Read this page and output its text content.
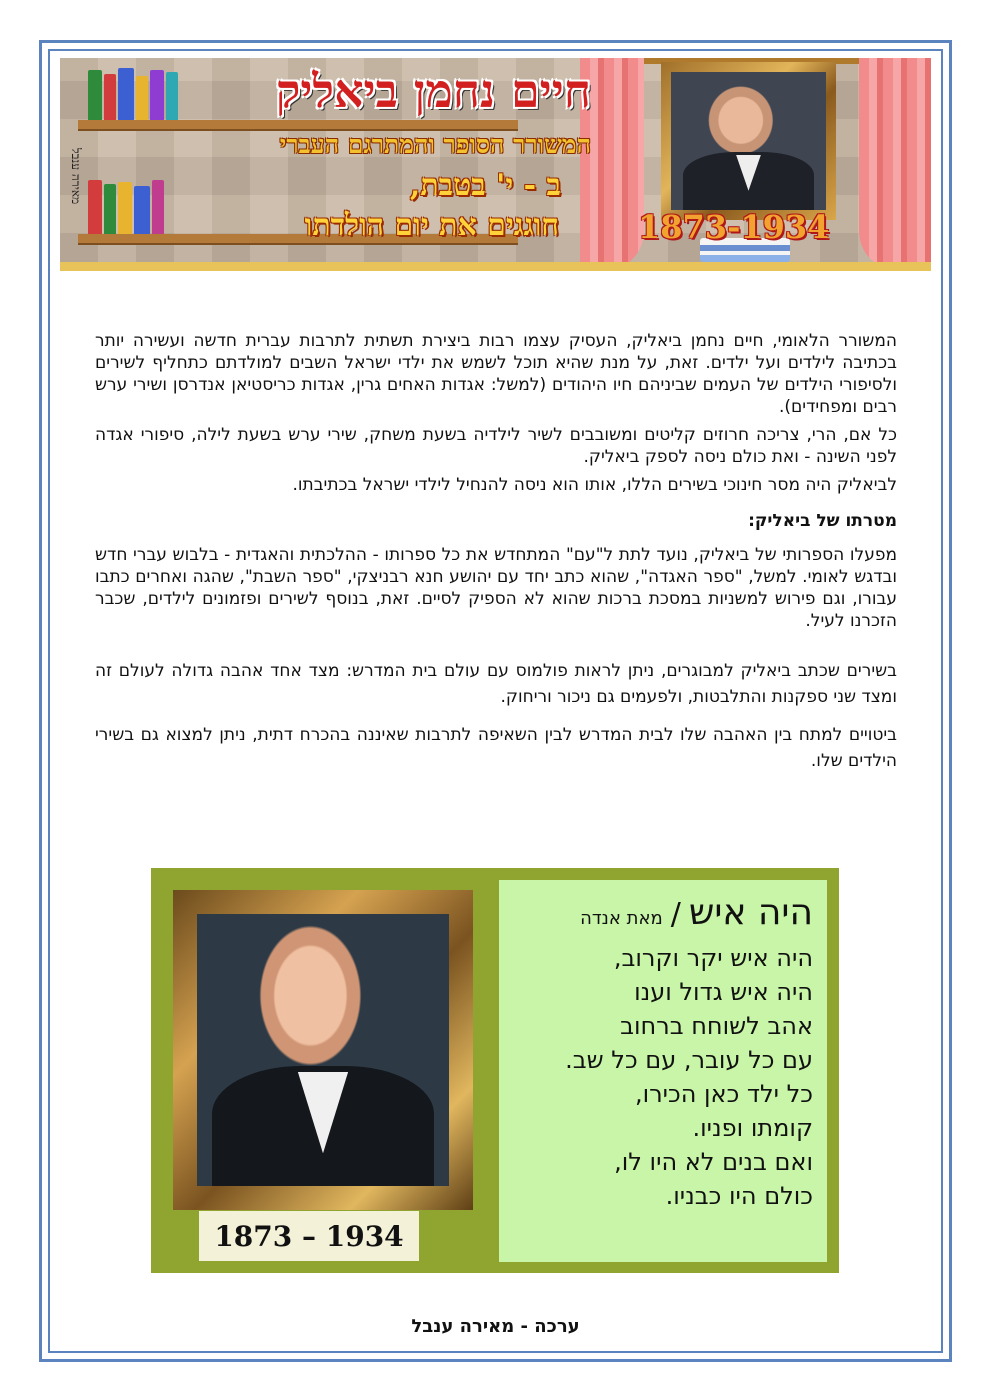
חיים נחמן ביאליק
המשורר הסופר והמתרגם העברי
ב - י' בטבת,
חוגגים את יום הולדתו 1873-1934
מאירה ענבל

המשורר הלאומי, חיים נחמן ביאליק, העסיק עצמו רבות ביצירת תשתית לתרבות עברית חדשה ועשירה יותר בכתיבה לילדים ועל ילדים. זאת, על מנת שהיא תוכל לשמש את ילדי ישראל השבים למולדתם כתחליף לשירים ולסיפורי הילדים של העמים שביניהם חיו היהודים (למשל: אגדות האחים גרין, אגדות כריסטיאן אנדרסן ושירי ערש רבים ומפחידים).

כל אם, הרי, צריכה חרוזים קליטים ומשובבים לשיר לילדיה בשעת משחק, שירי ערש בשעת לילה, סיפורי אגדה לפני השינה - ואת כולם ניסה לספק ביאליק.

לביאליק היה מסר חינוכי בשירים הללו, אותו הוא ניסה להנחיל לילדי ישראל בכתיבתו.

מטרתו של ביאליק:

מפעלו הספרותי של ביאליק, נועד לתת ל"עם" המתחדש את כל ספרותו - ההלכתית והאגדית - בלבוש עברי חדש ובדגש לאומי. למשל, "ספר האגדה", שהוא כתב יחד עם יהושע חנא רבניצקי, "ספר השבת", שהגה ואחרים כתבו עבורו, וגם פירוש למשניות במסכת ברכות שהוא לא הספיק לסיים. זאת, בנוסף לשירים ופזמונים לילדים, שכבר הזכרנו לעיל.

בשירים שכתב ביאליק למבוגרים, ניתן לראות פולמוס עם עולם בית המדרש: מצד אחד אהבה גדולה לעולם זה ומצד שני ספקנות והתלבטות, ולפעמים גם ניכור וריחוק.

ביטויים למתח בין האהבה שלו לבית המדרש לבין השאיפה לתרבות שאיננה בהכרח דתית, ניתן למצוא גם בשירי הילדים שלו.

1873 – 1934
היה איש/מאת אנדה
היה איש יקר וקרוב,
היה איש גדול וענו
אהב לשוחח ברחוב
עם כל עובר, עם כל שב.
כל ילד כאן הכירו,
קומתו ופניו.
ואם בנים לא היו לו,
כולם היו כבניו.
ערכה - מאירה ענבל
